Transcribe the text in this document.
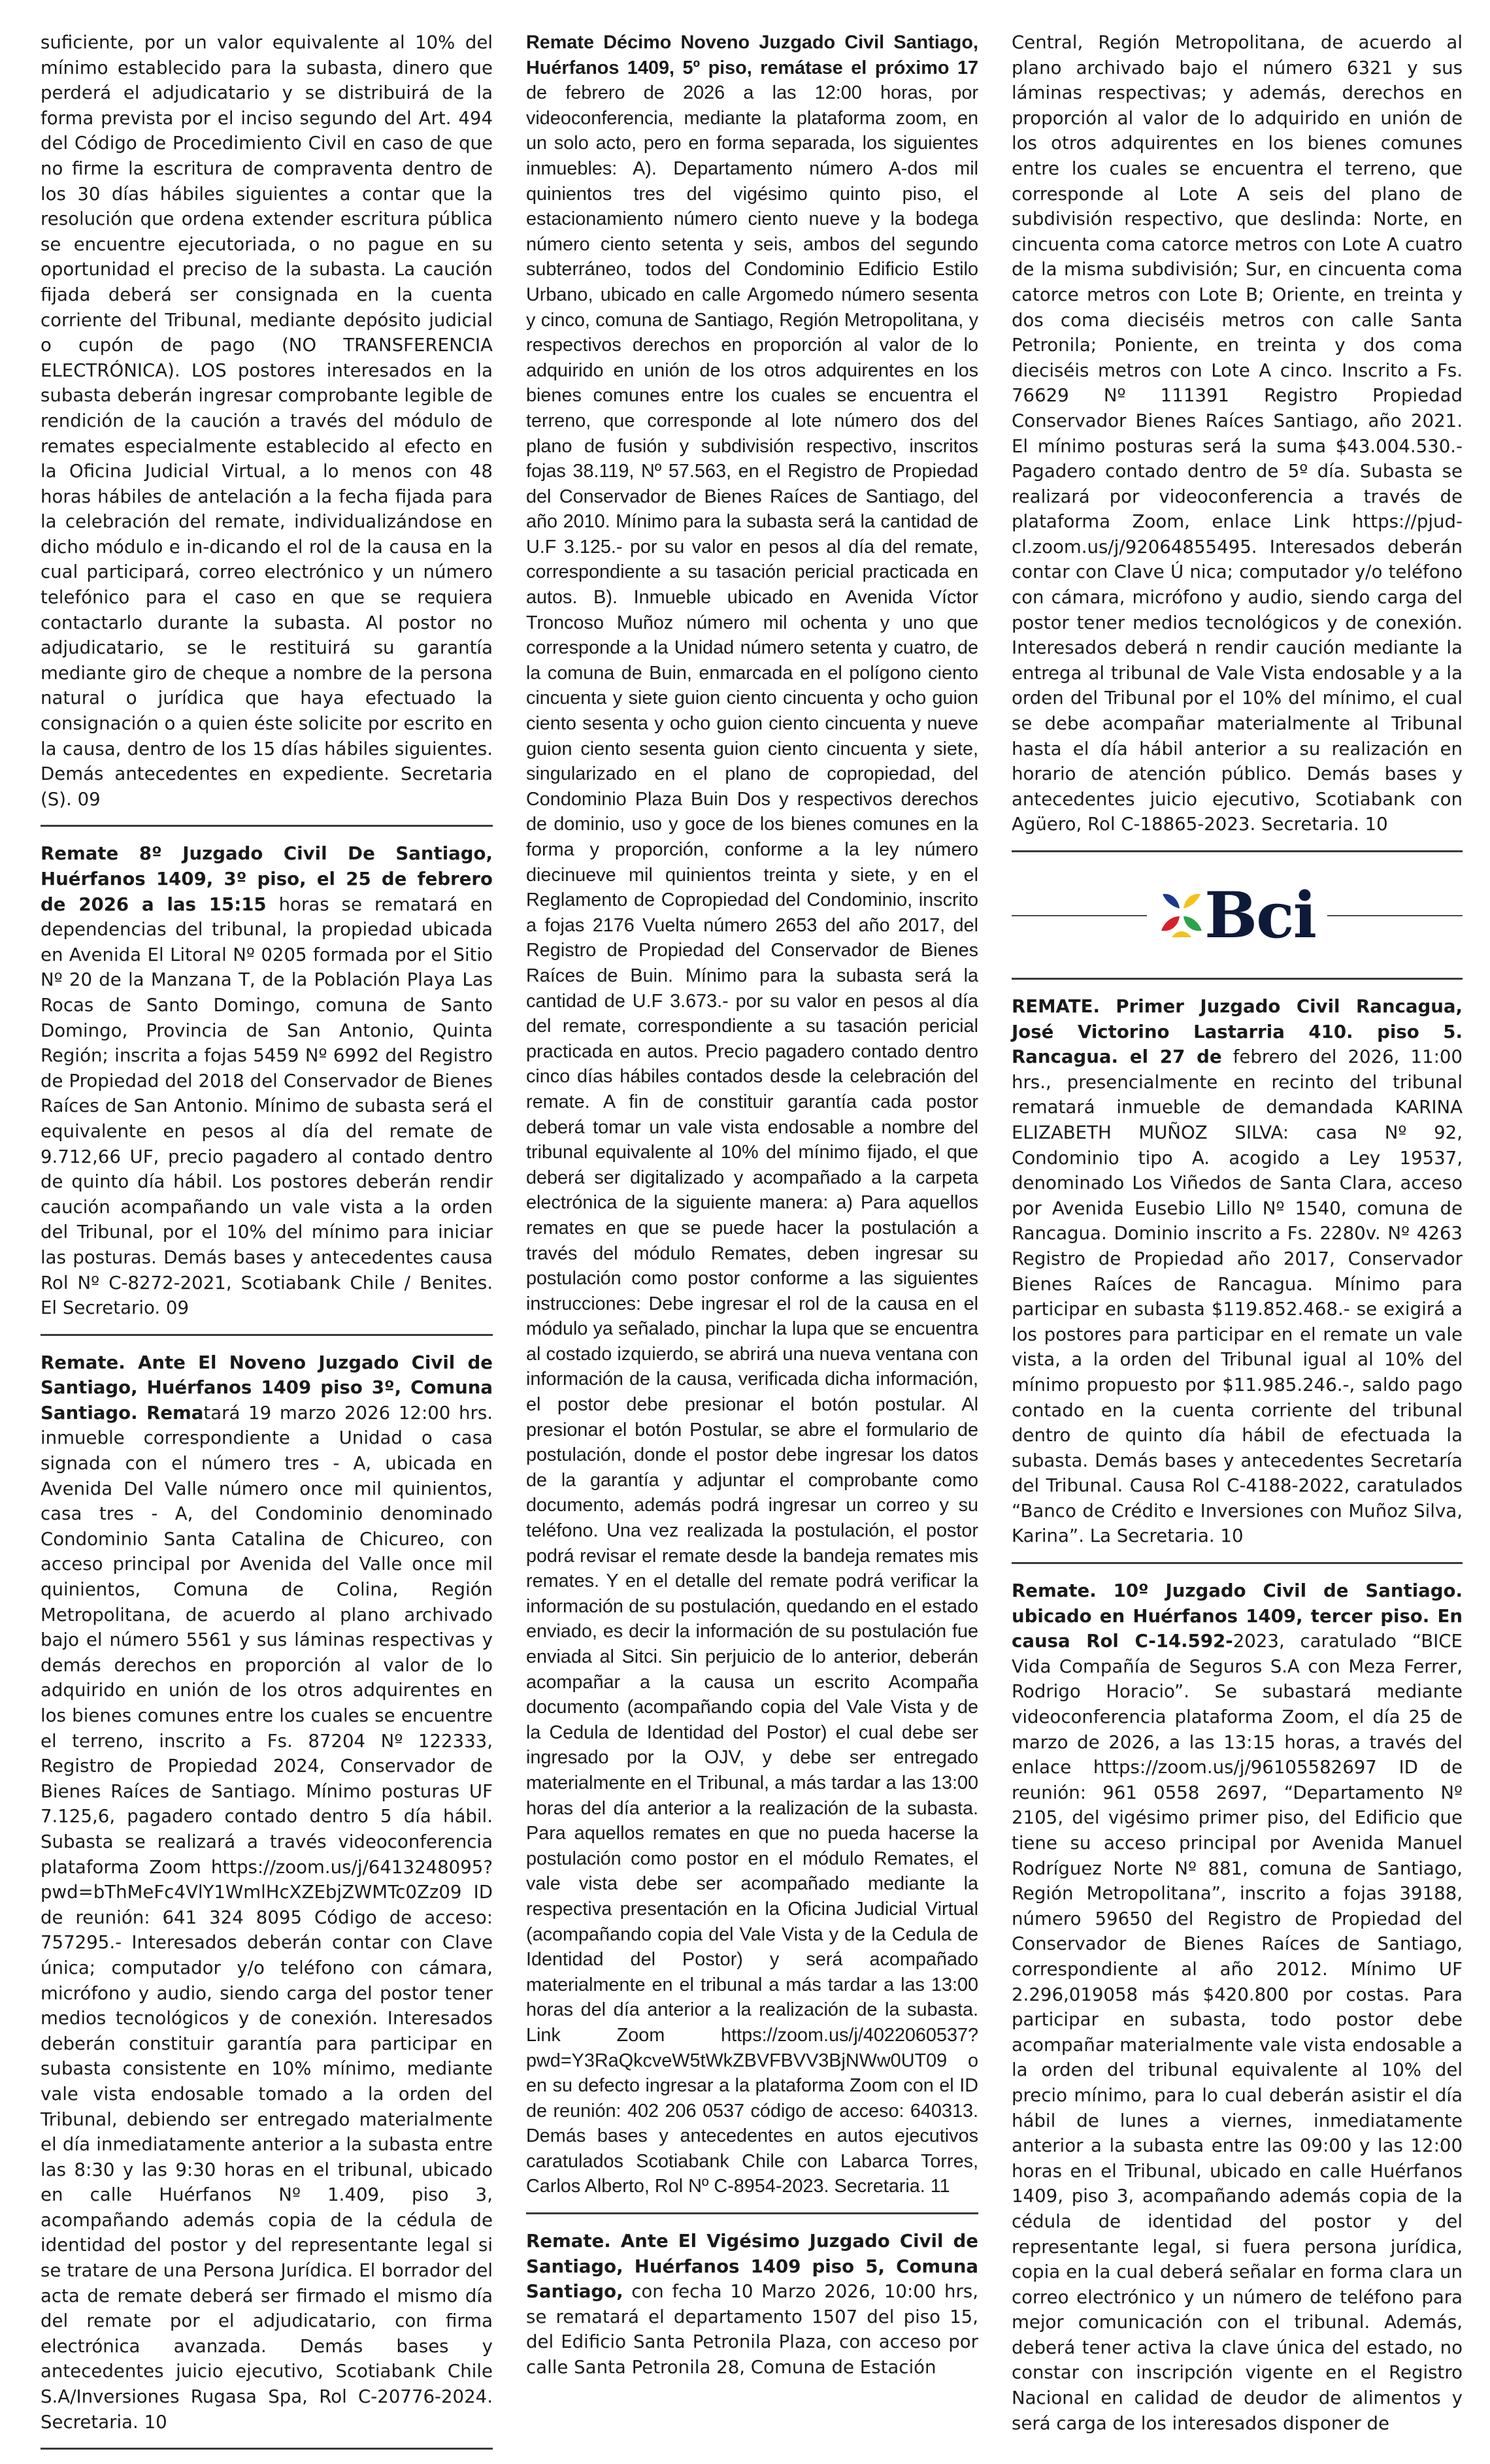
suficiente, por un valor equivalente al 10% del mínimo establecido para la subasta, dinero que perderá el adjudicatario y se distribuirá de la forma prevista por el inciso segundo del Art. 494 del Código de Procedimiento Civil en caso de que no firme la escritura de compraventa dentro de los 30 días hábiles siguientes a contar que la resolución que ordena extender escritura pública se encuentre ejecutoriada, o no pague en su oportunidad el preciso de la subasta. La caución fijada deberá ser consignada en la cuenta corriente del Tribunal, mediante depósito judicial o cupón de pago (NO TRANSFERENCIA ELECTRÓNICA). LOS postores interesados en la subasta deberán ingresar comprobante legible de rendición de la caución a través del módulo de remates especialmente establecido al efecto en la Oficina Judicial Virtual, a lo menos con 48 horas hábiles de antelación a la fecha fijada para la celebración del remate, individualizándose en dicho módulo e in-dicando el rol de la causa en la cual participará, correo electrónico y un número telefónico para el caso en que se requiera contactarlo durante la subasta. Al postor no adjudicatario, se le restituirá su garantía mediante giro de cheque a nombre de la persona natural o jurídica que haya efectuado la consignación o a quien éste solicite por escrito en la causa, dentro de los 15 días hábiles siguientes. Demás antecedentes en expediente. Secretaria (S). 09
Remate 8º Juzgado Civil De Santiago, Huérfanos 1409, 3º piso, el 25 de febrero de 2026 a las 15:15 horas se rematará en dependencias del tribunal, la propiedad ubicada en Avenida El Litoral Nº 0205 formada por el Sitio Nº 20 de la Manzana T, de la Población Playa Las Rocas de Santo Domingo, comuna de Santo Domingo, Provincia de San Antonio, Quinta Región; inscrita a fojas 5459 Nº 6992 del Registro de Propiedad del 2018 del Conservador de Bienes Raíces de San Antonio. Mínimo de subasta será el equivalente en pesos al día del remate de 9.712,66 UF, precio pagadero al contado dentro de quinto día hábil. Los postores deberán rendir caución acompañando un vale vista a la orden del Tribunal, por el 10% del mínimo para iniciar las posturas. Demás bases y antecedentes causa Rol Nº C-8272-2021, Scotiabank Chile / Benites. El Secretario. 09
Remate. Ante El Noveno Juzgado Civil de Santiago, Huérfanos 1409 piso 3º, Comuna Santiago. Rematará 19 marzo 2026 12:00 hrs. inmueble correspondiente a Unidad o casa signada con el número tres - A, ubicada en Avenida Del Valle número once mil quinientos, casa tres - A, del Condominio denominado Condominio Santa Catalina de Chicureo, con acceso principal por Avenida del Valle once mil quinientos, Comuna de Colina, Región Metropolitana, de acuerdo al plano archivado bajo el número 5561 y sus láminas respectivas y demás derechos en proporción al valor de lo adquirido en unión de los otros adquirentes en los bienes comunes entre los cuales se encuentre el terreno, inscrito a Fs. 87204 Nº 122333, Registro de Propiedad 2024, Conservador de Bienes Raíces de Santiago. Mínimo posturas UF 7.125,6, pagadero contado dentro 5 día hábil. Subasta se realizará a través videoconferencia plataforma Zoom https://zoom.us/j/6413248095?pwd=bThMeFc4VlY1WmlHcXZEbjZWMTc0Zz09 ID de reunión: 641 324 8095 Código de acceso: 757295.- Interesados deberán contar con Clave única; computador y/o teléfono con cámara, micrófono y audio, siendo carga del postor tener medios tecnológicos y de conexión. Interesados deberán constituir garantía para participar en subasta consistente en 10% mínimo, mediante vale vista endosable tomado a la orden del Tribunal, debiendo ser entregado materialmente el día inmediatamente anterior a la subasta entre las 8:30 y las 9:30 horas en el tribunal, ubicado en calle Huérfanos Nº 1.409, piso 3, acompañando además copia de la cédula de identidad del postor y del representante legal si se tratare de una Persona Jurídica. El borrador del acta de remate deberá ser firmado el mismo día del remate por el adjudicatario, con firma electrónica avanzada. Demás bases y antecedentes juicio ejecutivo, Scotiabank Chile S.A/Inversiones Rugasa Spa, Rol C-20776-2024. Secretaria. 10
Remate Décimo Noveno Juzgado Civil Santiago, Huérfanos 1409, 5º piso, remátase el próximo 17 de febrero de 2026 a las 12:00 horas, por videoconferencia, mediante la plataforma zoom, en un solo acto, pero en forma separada, los siguientes inmuebles: A). Departamento número A-dos mil quinientos tres del vigésimo quinto piso, el estacionamiento número ciento nueve y la bodega número ciento setenta y seis, ambos del segundo subterráneo, todos del Condominio Edificio Estilo Urbano, ubicado en calle Argomedo número sesenta y cinco, comuna de Santiago, Región Metropolitana, y respectivos derechos en proporción al valor de lo adquirido en unión de los otros adquirentes en los bienes comunes entre los cuales se encuentra el terreno, que corresponde al lote número dos del plano de fusión y subdivisión respectivo, inscritos fojas 38.119, Nº 57.563, en el Registro de Propiedad del Conservador de Bienes Raíces de Santiago, del año 2010. Mínimo para la subasta será la cantidad de U.F 3.125.- por su valor en pesos al día del remate, correspondiente a su tasación pericial practicada en autos. B). Inmueble ubicado en Avenida Víctor Troncoso Muñoz número mil ochenta y uno que corresponde a la Unidad número setenta y cuatro, de la comuna de Buin, enmarcada en el polígono ciento cincuenta y siete guion ciento cincuenta y ocho guion ciento sesenta y ocho guion ciento cincuenta y nueve guion ciento sesenta guion ciento cincuenta y siete, singularizado en el plano de copropiedad, del Condominio Plaza Buin Dos y respectivos derechos de dominio, uso y goce de los bienes comunes en la forma y proporción, conforme a la ley número diecinueve mil quinientos treinta y siete, y en el Reglamento de Copropiedad del Condominio, inscrito a fojas 2176 Vuelta número 2653 del año 2017, del Registro de Propiedad del Conservador de Bienes Raíces de Buin. Mínimo para la subasta será la cantidad de U.F 3.673.- por su valor en pesos al día del remate, correspondiente a su tasación pericial practicada en autos. Precio pagadero contado dentro cinco días hábiles contados desde la celebración del remate. A fin de constituir garantía cada postor deberá tomar un vale vista endosable a nombre del tribunal equivalente al 10% del mínimo fijado, el que deberá ser digitalizado y acompañado a la carpeta electrónica de la siguiente manera: a) Para aquellos remates en que se puede hacer la postulación a través del módulo Remates, deben ingresar su postulación como postor conforme a las siguientes instrucciones: Debe ingresar el rol de la causa en el módulo ya señalado, pinchar la lupa que se encuentra al costado izquierdo, se abrirá una nueva ventana con información de la causa, verificada dicha información, el postor debe presionar el botón postular. Al presionar el botón Postular, se abre el formulario de postulación, donde el postor debe ingresar los datos de la garantía y adjuntar el comprobante como documento, además podrá ingresar un correo y su teléfono. Una vez realizada la postulación, el postor podrá revisar el remate desde la bandeja remates mis remates. Y en el detalle del remate podrá verificar la información de su postulación, quedando en el estado enviado, es decir la información de su postulación fue enviada al Sitci. Sin perjuicio de lo anterior, deberán acompañar a la causa un escrito Acompaña documento (acompañando copia del Vale Vista y de la Cedula de Identidad del Postor) el cual debe ser ingresado por la OJV, y debe ser entregado materialmente en el Tribunal, a más tardar a las 13:00 horas del día anterior a la realización de la subasta. Para aquellos remates en que no pueda hacerse la postulación como postor en el módulo Remates, el vale vista debe ser acompañado mediante la respectiva presentación en la Oficina Judicial Virtual (acompañando copia del Vale Vista y de la Cedula de Identidad del Postor) y será acompañado materialmente en el tribunal a más tardar a las 13:00 horas del día anterior a la realización de la subasta. Link Zoom https://zoom.us/j/4022060537?pwd=Y3RaQkcveW5tWkZBVFBVV3BjNWw0UT09 o en su defecto ingresar a la plataforma Zoom con el ID de reunión: 402 206 0537 código de acceso: 640313. Demás bases y antecedentes en autos ejecutivos caratulados Scotiabank Chile con Labarca Torres, Carlos Alberto, Rol Nº C-8954-2023. Secretaria. 11
Remate. Ante El Vigésimo Juzgado Civil de Santiago, Huérfanos 1409 piso 5, Comuna Santiago, con fecha 10 Marzo 2026, 10:00 hrs, se rematará el departamento 1507 del piso 15, del Edificio Santa Petronila Plaza, con acceso por calle Santa Petronila 28, Comuna de Estación
Central, Región Metropolitana, de acuerdo al plano archivado bajo el número 6321 y sus láminas respectivas; y además, derechos en proporción al valor de lo adquirido en unión de los otros adquirentes en los bienes comunes entre los cuales se encuentra el terreno, que corresponde al Lote A seis del plano de subdivisión respectivo, que deslinda: Norte, en cincuenta coma catorce metros con Lote A cuatro de la misma subdivisión; Sur, en cincuenta coma catorce metros con Lote B; Oriente, en treinta y dos coma dieciséis metros con calle Santa Petronila; Poniente, en treinta y dos coma dieciséis metros con Lote A cinco. Inscrito a Fs. 76629 Nº 111391 Registro Propiedad Conservador Bienes Raíces Santiago, año 2021. El mínimo posturas será la suma $43.004.530.- Pagadero contado dentro de 5º día. Subasta se realizará por videoconferencia a través de plataforma Zoom, enlace Link https://pjud-cl.zoom.us/j/92064855495. Interesados deberán contar con Clave Ú nica; computador y/o teléfono con cámara, micrófono y audio, siendo carga del postor tener medios tecnológicos y de conexión. Interesados deberá n rendir caución mediante la entrega al tribunal de Vale Vista endosable y a la orden del Tribunal por el 10% del mínimo, el cual se debe acompañar materialmente al Tribunal hasta el día hábil anterior a su realización en horario de atención público. Demás bases y antecedentes juicio ejecutivo, Scotiabank con Agüero, Rol C-18865-2023. Secretaria. 10
Bci
REMATE. Primer Juzgado Civil Rancagua, José Victorino Lastarria 410. piso 5. Rancagua. el 27 de febrero del 2026, 11:00 hrs., presencialmente en recinto del tribunal rematará inmueble de demandada KARINA ELIZABETH MUÑOZ SILVA: casa Nº 92, Condominio tipo A. acogido a Ley 19537, denominado Los Viñedos de Santa Clara, acceso por Avenida Eusebio Lillo Nº 1540, comuna de Rancagua. Dominio inscrito a Fs. 2280v. Nº 4263 Registro de Propiedad año 2017, Conservador Bienes Raíces de Rancagua. Mínimo para participar en subasta $119.852.468.- se exigirá a los postores para participar en el remate un vale vista, a la orden del Tribunal igual al 10% del mínimo propuesto por $11.985.246.-, saldo pago contado en la cuenta corriente del tribunal dentro de quinto día hábil de efectuada la subasta. Demás bases y antecedentes Secretaría del Tribunal. Causa Rol C-4188-2022, caratulados “Banco de Crédito e Inversiones con Muñoz Silva, Karina”. La Secretaria. 10
Remate. 10º Juzgado Civil de Santiago. ubicado en Huérfanos 1409, tercer piso. En causa Rol C-14.592-2023, caratulado “BICE Vida Compañía de Seguros S.A con Meza Ferrer, Rodrigo Horacio”. Se subastará mediante videoconferencia plataforma Zoom, el día 25 de marzo de 2026, a las 13:15 horas, a través del enlace https://zoom.us/j/96105582697 ID de reunión: 961 0558 2697, “Departamento Nº 2105, del vigésimo primer piso, del Edificio que tiene su acceso principal por Avenida Manuel Rodríguez Norte Nº 881, comuna de Santiago, Región Metropolitana”, inscrito a fojas 39188, número 59650 del Registro de Propiedad del Conservador de Bienes Raíces de Santiago, correspondiente al año 2012. Mínimo UF 2.296,019058 más $420.800 por costas. Para participar en subasta, todo postor debe acompañar materialmente vale vista endosable a la orden del tribunal equivalente al 10% del precio mínimo, para lo cual deberán asistir el día hábil de lunes a viernes, inmediatamente anterior a la subasta entre las 09:00 y las 12:00 horas en el Tribunal, ubicado en calle Huérfanos 1409, piso 3, acompañando además copia de la cédula de identidad del postor y del representante legal, si fuera persona jurídica, copia en la cual deberá señalar en forma clara un correo electrónico y un número de teléfono para mejor comunicación con el tribunal. Además, deberá tener activa la clave única del estado, no constar con inscripción vigente en el Registro Nacional en calidad de deudor de alimentos y será carga de los interesados disponer de
